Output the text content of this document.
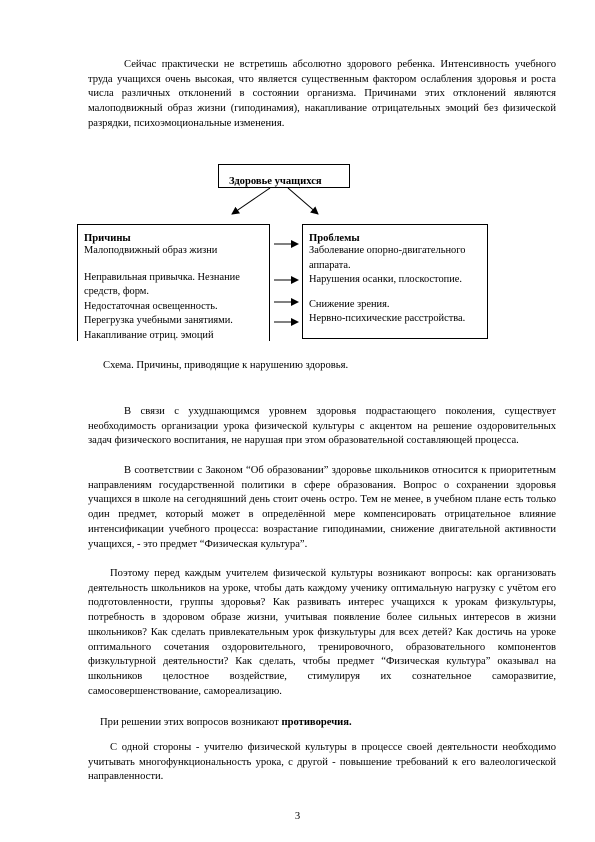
Сейчас практически не встретишь абсолютно здорового ребенка. Интенсивность учебного труда учащихся очень высокая, что является существенным фактором ослабления здоровья и роста числа различных отклонений в состоянии организма. Причинами этих отклонений являются малоподвижный образ жизни (гиподинамия), накапливание отрицательных эмоций без физической разрядки, психоэмоциональные изменения.

Здоровье учащихся
Причины
Малоподвижный образ жизни
Неправильная привычка. Незнание
средств, форм.
Недостаточная освещенность.
Перегрузка учебными занятиями.
Накапливание отриц. эмоций
Проблемы
Заболевание опорно-двигательного
аппарата.
Нарушения осанки, плоскостопие.
Снижение зрения.
Нервно-психические расстройства.
Схема. Причины, приводящие к нарушению здоровья.

В связи с ухудшающимся уровнем здоровья подрастающего поколения, существует необходимость организации урока физической культуры с акцентом на решение оздоровительных задач физического воспитания, не нарушая при этом образовательной составляющей процесса.

В соответствии с Законом “Об образовании” здоровье школьников относится к приоритетным направлениям государственной политики в сфере образования. Вопрос о сохранении здоровья учащихся в школе на сегодняшний день стоит очень остро. Тем не менее, в учебном плане есть только один предмет, который может в определённой мере компенсировать отрицательное влияние интенсификации учебного процесса: возрастание гиподинамии, снижение двигательной активности учащихся, - это предмет “Физическая культура”.

Поэтому перед каждым учителем физической культуры возникают вопросы: как организовать деятельность школьников на уроке, чтобы дать каждому ученику оптимальную нагрузку с учётом его подготовленности, группы здоровья? Как развивать интерес учащихся к урокам физкультуры, потребность в здоровом образе жизни, учитывая появление более сильных интересов в жизни школьников? Как сделать привлекательным урок физкультуры для всех детей? Как достичь на уроке оптимального сочетания оздоровительного, тренировочного, образовательного компонентов физкультурной деятельности? Как сделать, чтобы предмет “Физическая культура” оказывал на школьников целостное воздействие, стимулируя их сознательное саморазвитие, самосовершенствование, самореализацию.

При решении этих вопросов возникают противоречия.

С одной стороны - учителю физической культуры в процессе своей деятельности необходимо учитывать многофункциональность урока, с другой - повышение требований к его валеологической направленности.

3
